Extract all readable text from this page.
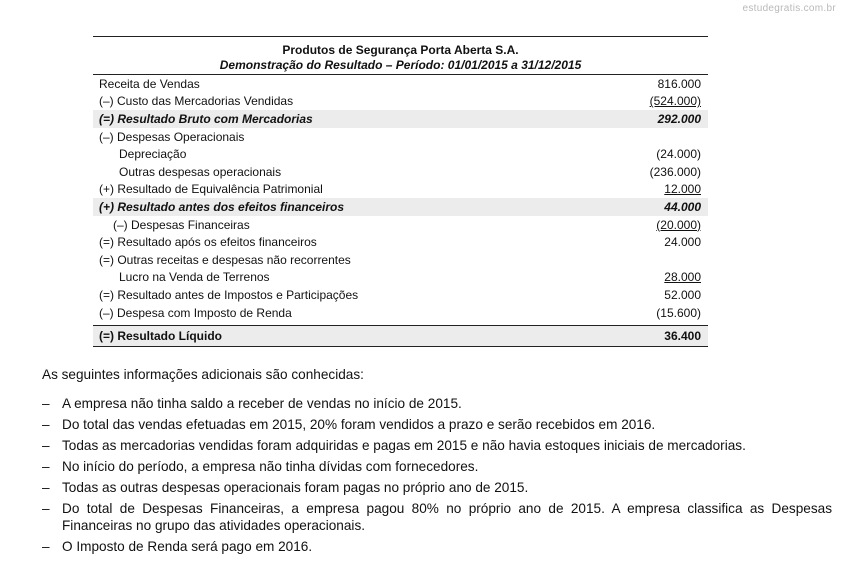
estudegratis.com.br
Produtos de Segurança Porta Aberta S.A.
Demonstração do Resultado – Período: 01/01/2015 a 31/12/2015
Receita de Vendas	816.000
(–) Custo das Mercadorias Vendidas	(524.000)
(=) Resultado Bruto com Mercadorias	292.000
(–) Despesas Operacionais
Depreciação	(24.000)
Outras despesas operacionais	(236.000)
(+) Resultado de Equivalência Patrimonial	12.000
(+) Resultado antes dos efeitos financeiros	44.000
(–) Despesas Financeiras	(20.000)
(=) Resultado após os efeitos financeiros	24.000
(=) Outras receitas e despesas não recorrentes
Lucro na Venda de Terrenos	28.000
(=) Resultado antes de Impostos e Participações	52.000
(–) Despesa com Imposto de Renda	(15.600)
(=) Resultado Líquido	36.400

As seguintes informações adicionais são conhecidas:

– A empresa não tinha saldo a receber de vendas no início de 2015.
– Do total das vendas efetuadas em 2015, 20% foram vendidos a prazo e serão recebidos em 2016.
– Todas as mercadorias vendidas foram adquiridas e pagas em 2015 e não havia estoques iniciais de mercadorias.
– No início do período, a empresa não tinha dívidas com fornecedores.
– Todas as outras despesas operacionais foram pagas no próprio ano de 2015.
– Do total de Despesas Financeiras, a empresa pagou 80% no próprio ano de 2015. A empresa classifica as Despesas Financeiras no grupo das atividades operacionais.
– O Imposto de Renda será pago em 2016.
